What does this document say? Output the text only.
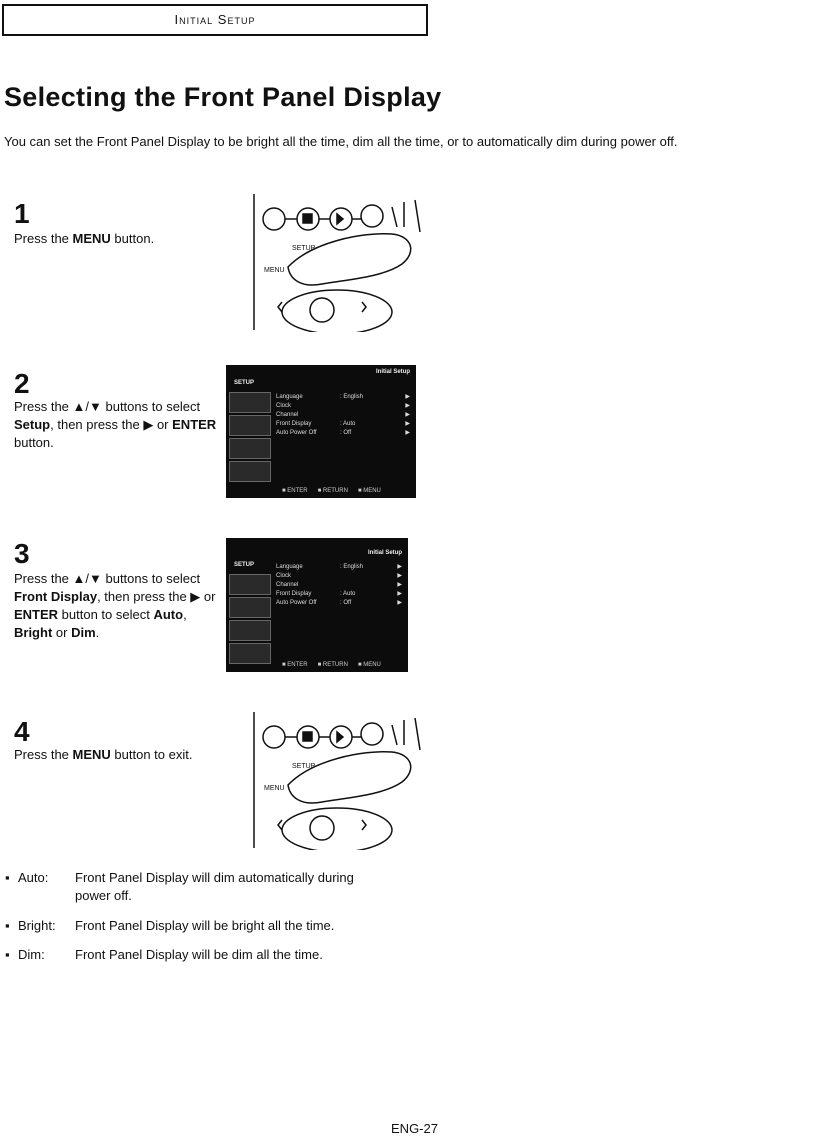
Initial Setup
Selecting the Front Panel Display

You can set the Front Panel Display to be bright all the time, dim all the time, or to automatically dim during power off.

1
Press the MENU button.
SETUP
MENU
2
Press the ▲/▼ buttons to select Setup, then press the ▶ or ENTER button.
Initial Setup
SETUP
Language	: English	▶
Clock	▶
Channel	▶
Front Display	: Auto	▶
Auto Power Off	: Off	▶
■ ENTER ■ RETURN ■ MENU
3
Press the ▲/▼ buttons to select Front Display, then press the ▶ or ENTER button to select Auto, Bright or Dim.
Initial Setup
SETUP	Language	: English	▶
Clock	▶
Channel	▶
Front Display	: Auto	▶
Auto Power Off	: Off	▶
■ ENTER ■ RETURN ■ MENU
4
Press the MENU button to exit.
SETUP
MENU
▪ Auto: Front Panel Display will dim automatically during power off.
▪ Bright: Front Panel Display will be bright all the time.
▪ Dim: Front Panel Display will be dim all the time.
ENG-27
